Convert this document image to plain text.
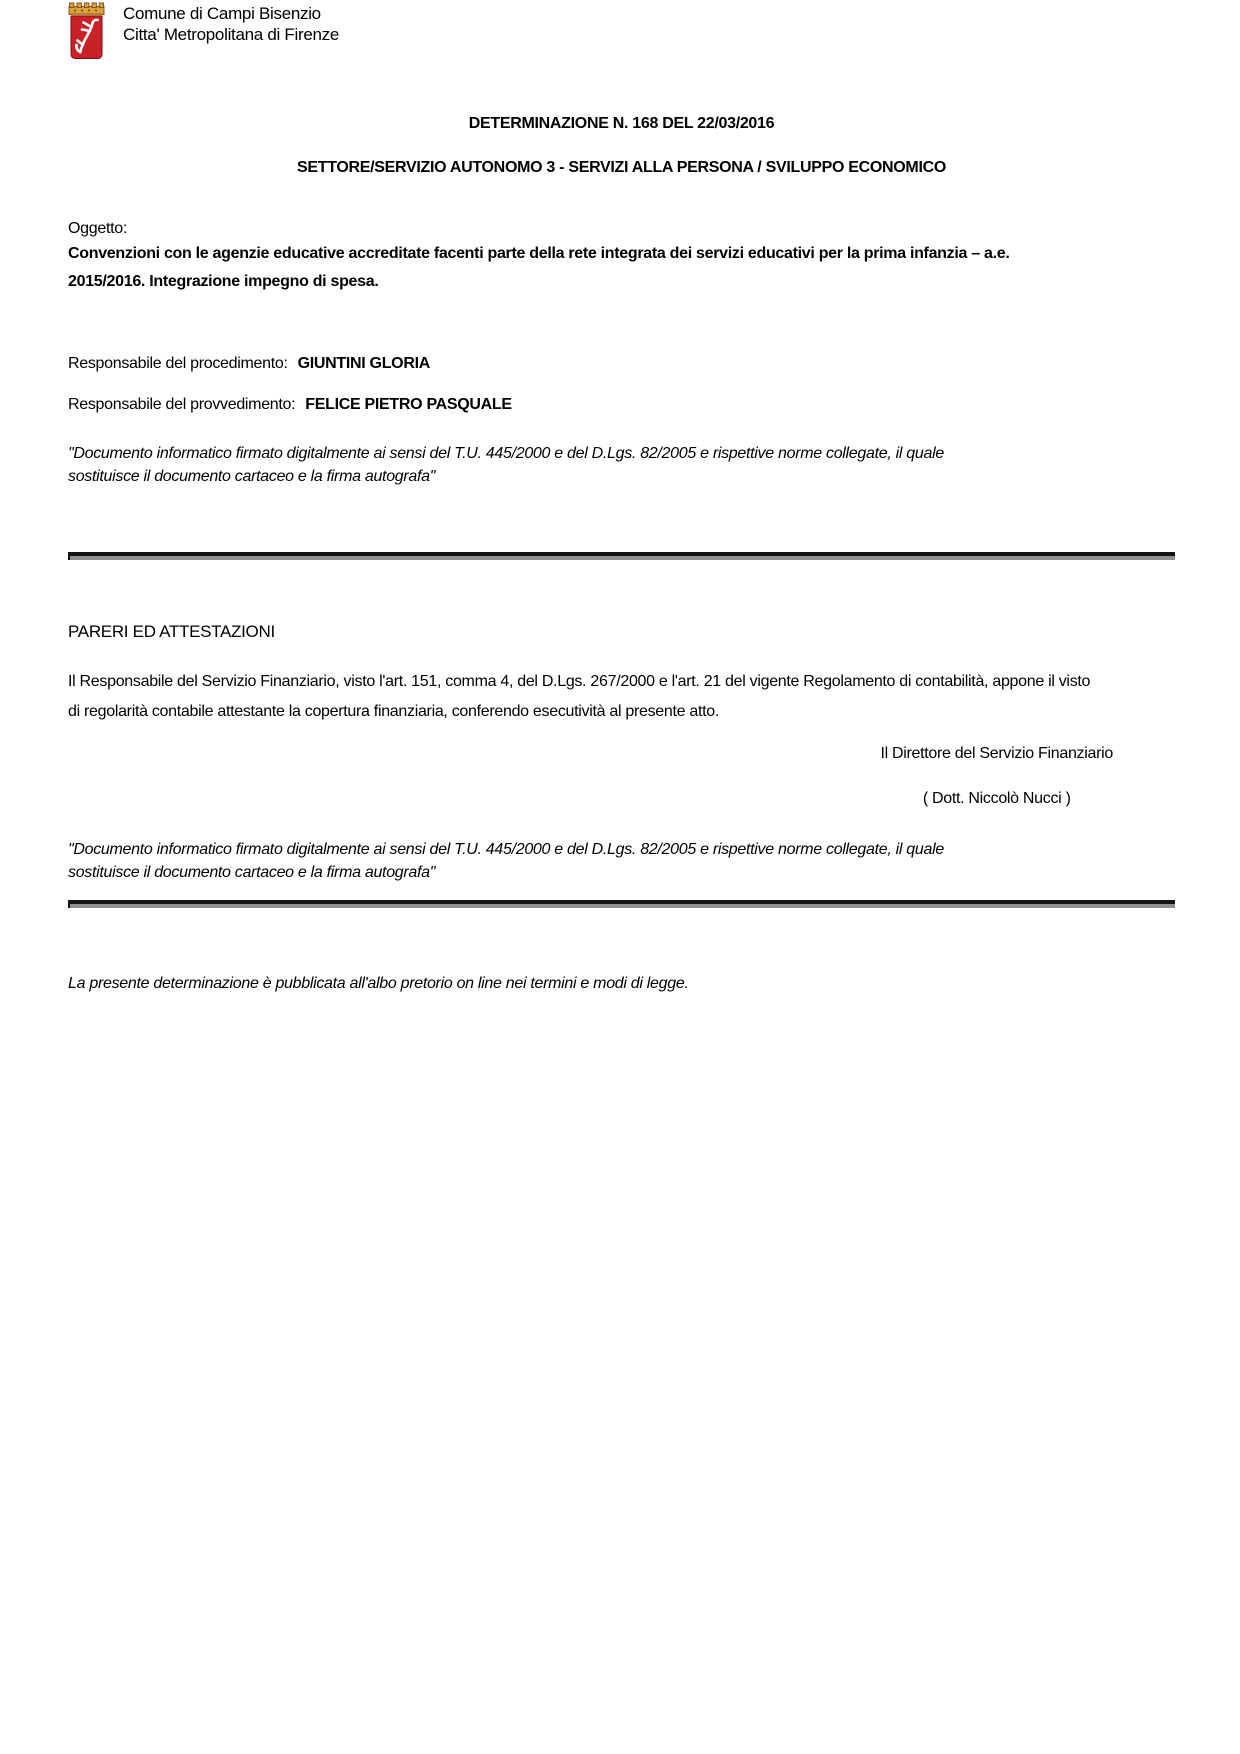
Comune di Campi Bisenzio
Citta' Metropolitana di Firenze
DETERMINAZIONE N. 168 DEL 22/03/2016
SETTORE/SERVIZIO AUTONOMO 3 - SERVIZI ALLA PERSONA / SVILUPPO ECONOMICO
Oggetto:
Convenzioni con le agenzie educative accreditate facenti parte della rete integrata dei servizi educativi per la prima infanzia – a.e. 2015/2016. Integrazione impegno di spesa.
Responsabile del procedimento: GIUNTINI GLORIA
Responsabile del provvedimento: FELICE PIETRO PASQUALE
"Documento informatico firmato digitalmente ai sensi del T.U. 445/2000 e del D.Lgs. 82/2005 e rispettive norme collegate, il quale sostituisce il documento cartaceo e la firma autografa"
PARERI ED ATTESTAZIONI
Il Responsabile del Servizio Finanziario, visto l'art. 151, comma 4, del D.Lgs. 267/2000 e l'art. 21 del vigente Regolamento di contabilità, appone il visto di regolarità contabile attestante la copertura finanziaria, conferendo esecutività al presente atto.
Il Direttore del Servizio Finanziario
( Dott. Niccolò Nucci )
"Documento informatico firmato digitalmente ai sensi del T.U. 445/2000 e del D.Lgs. 82/2005 e rispettive norme collegate, il quale sostituisce il documento cartaceo e la firma autografa"
La presente determinazione è pubblicata all'albo pretorio on line nei termini e modi di legge.
